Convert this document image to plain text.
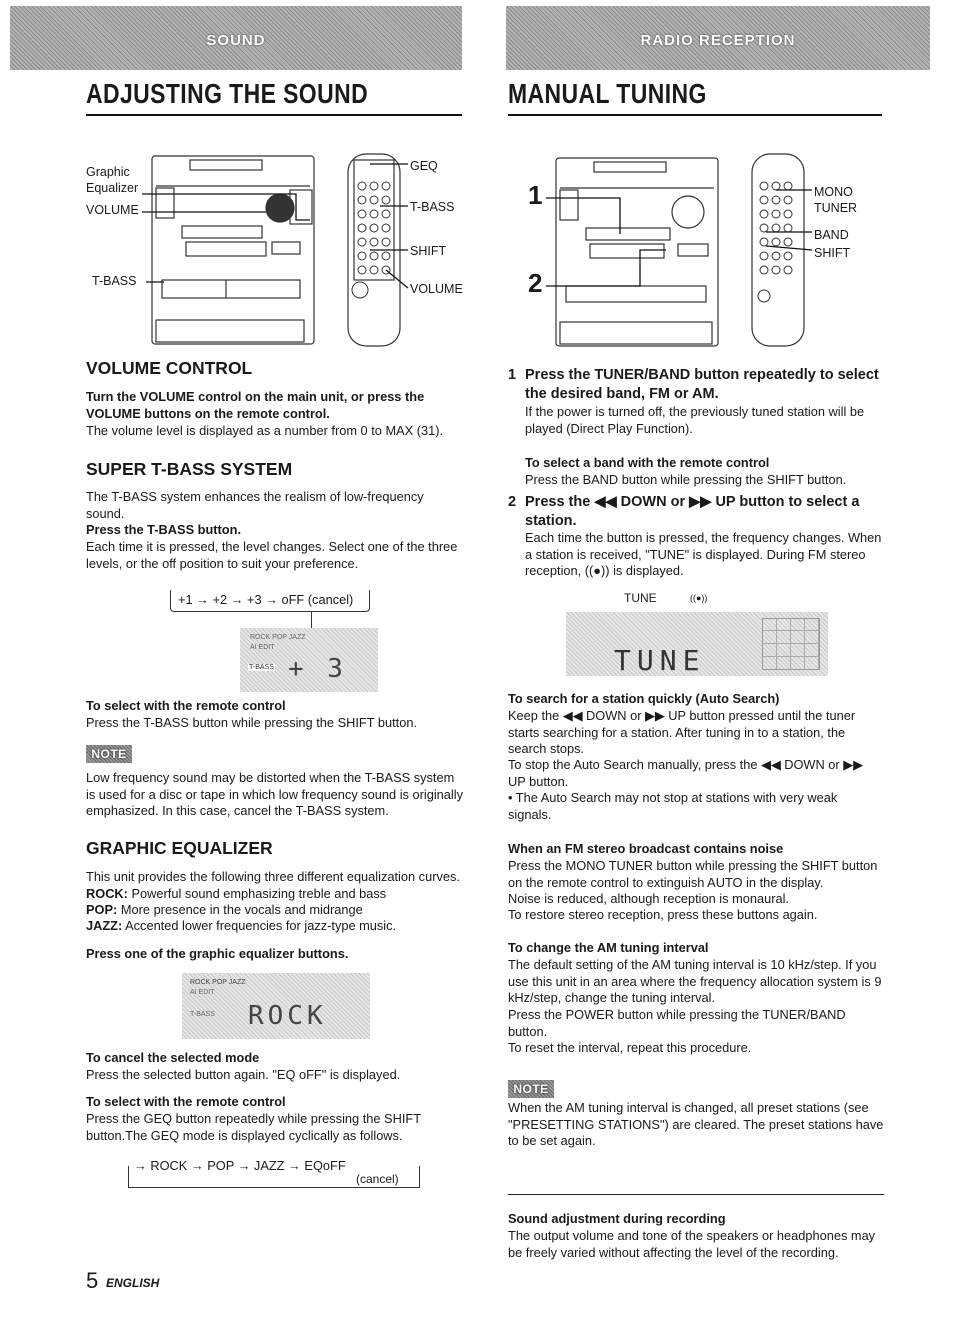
SOUND	RADIO RECEPTION
ADJUSTING THE SOUND	MANUAL TUNING
Graphic
Equalizer
VOLUME
T-BASS
GEQ
T-BASS
SHIFT
VOLUME
VOLUME CONTROL
Turn the VOLUME control on the main unit, or press the VOLUME buttons on the remote control.
The volume level is displayed as a number from 0 to MAX (31).
SUPER T-BASS SYSTEM
The T-BASS system enhances the realism of low-frequency sound.
Press the T-BASS button.
Each time it is pressed, the level changes. Select one of the three levels, or the off position to suit your preference.
+1 → +2 → +3 → oFF (cancel)
ROCK POP JAZZ
AI EDIT
T-BASS + 3
To select with the remote control
Press the T-BASS button while pressing the SHIFT button.
NOTE
Low frequency sound may be distorted when the T-BASS system is used for a disc or tape in which low frequency sound is originally emphasized. In this case, cancel the T-BASS system.
GRAPHIC EQUALIZER
This unit provides the following three different equalization curves.
ROCK: Powerful sound emphasizing treble and bass
POP: More presence in the vocals and midrange
JAZZ: Accented lower frequencies for jazz-type music.
Press one of the graphic equalizer buttons.
ROCK POP JAZZ
AI EDIT
T-BASS ROCK
To cancel the selected mode
Press the selected button again. "EQ oFF" is displayed.
To select with the remote control
Press the GEQ button repeatedly while pressing the SHIFT button.The GEQ mode is displayed cyclically as follows.
→ ROCK → POP → JAZZ → EQoFF
(cancel)
1
2
MONO
TUNER
BAND
SHIFT
1 Press the TUNER/BAND button repeatedly to select the desired band, FM or AM.
If the power is turned off, the previously tuned station will be played (Direct Play Function).
To select a band with the remote control
Press the BAND button while pressing the SHIFT button.
2 Press the ◀◀ DOWN or ▶▶ UP button to select a station.
Each time the button is pressed, the frequency changes. When a station is received, "TUNE" is displayed. During FM stereo reception, ((●)) is displayed.
TUNE	((●))
TUNE
To search for a station quickly (Auto Search)
Keep the ◀◀ DOWN or ▶▶ UP button pressed until the tuner starts searching for a station. After tuning in to a station, the search stops.
To stop the Auto Search manually, press the ◀◀ DOWN or ▶▶ UP button.
• The Auto Search may not stop at stations with very weak signals.
When an FM stereo broadcast contains noise
Press the MONO TUNER button while pressing the SHIFT button on the remote control to extinguish AUTO in the display.
Noise is reduced, although reception is monaural.
To restore stereo reception, press these buttons again.
To change the AM tuning interval
The default setting of the AM tuning interval is 10 kHz/step. If you use this unit in an area where the frequency allocation system is 9 kHz/step, change the tuning interval.
Press the POWER button while pressing the TUNER/BAND button.
To reset the interval, repeat this procedure.
NOTE
When the AM tuning interval is changed, all preset stations (see "PRESETTING STATIONS") are cleared. The preset stations have to be set again.
Sound adjustment during recording
The output volume and tone of the speakers or headphones may be freely varied without affecting the level of the recording.
5 ENGLISH
